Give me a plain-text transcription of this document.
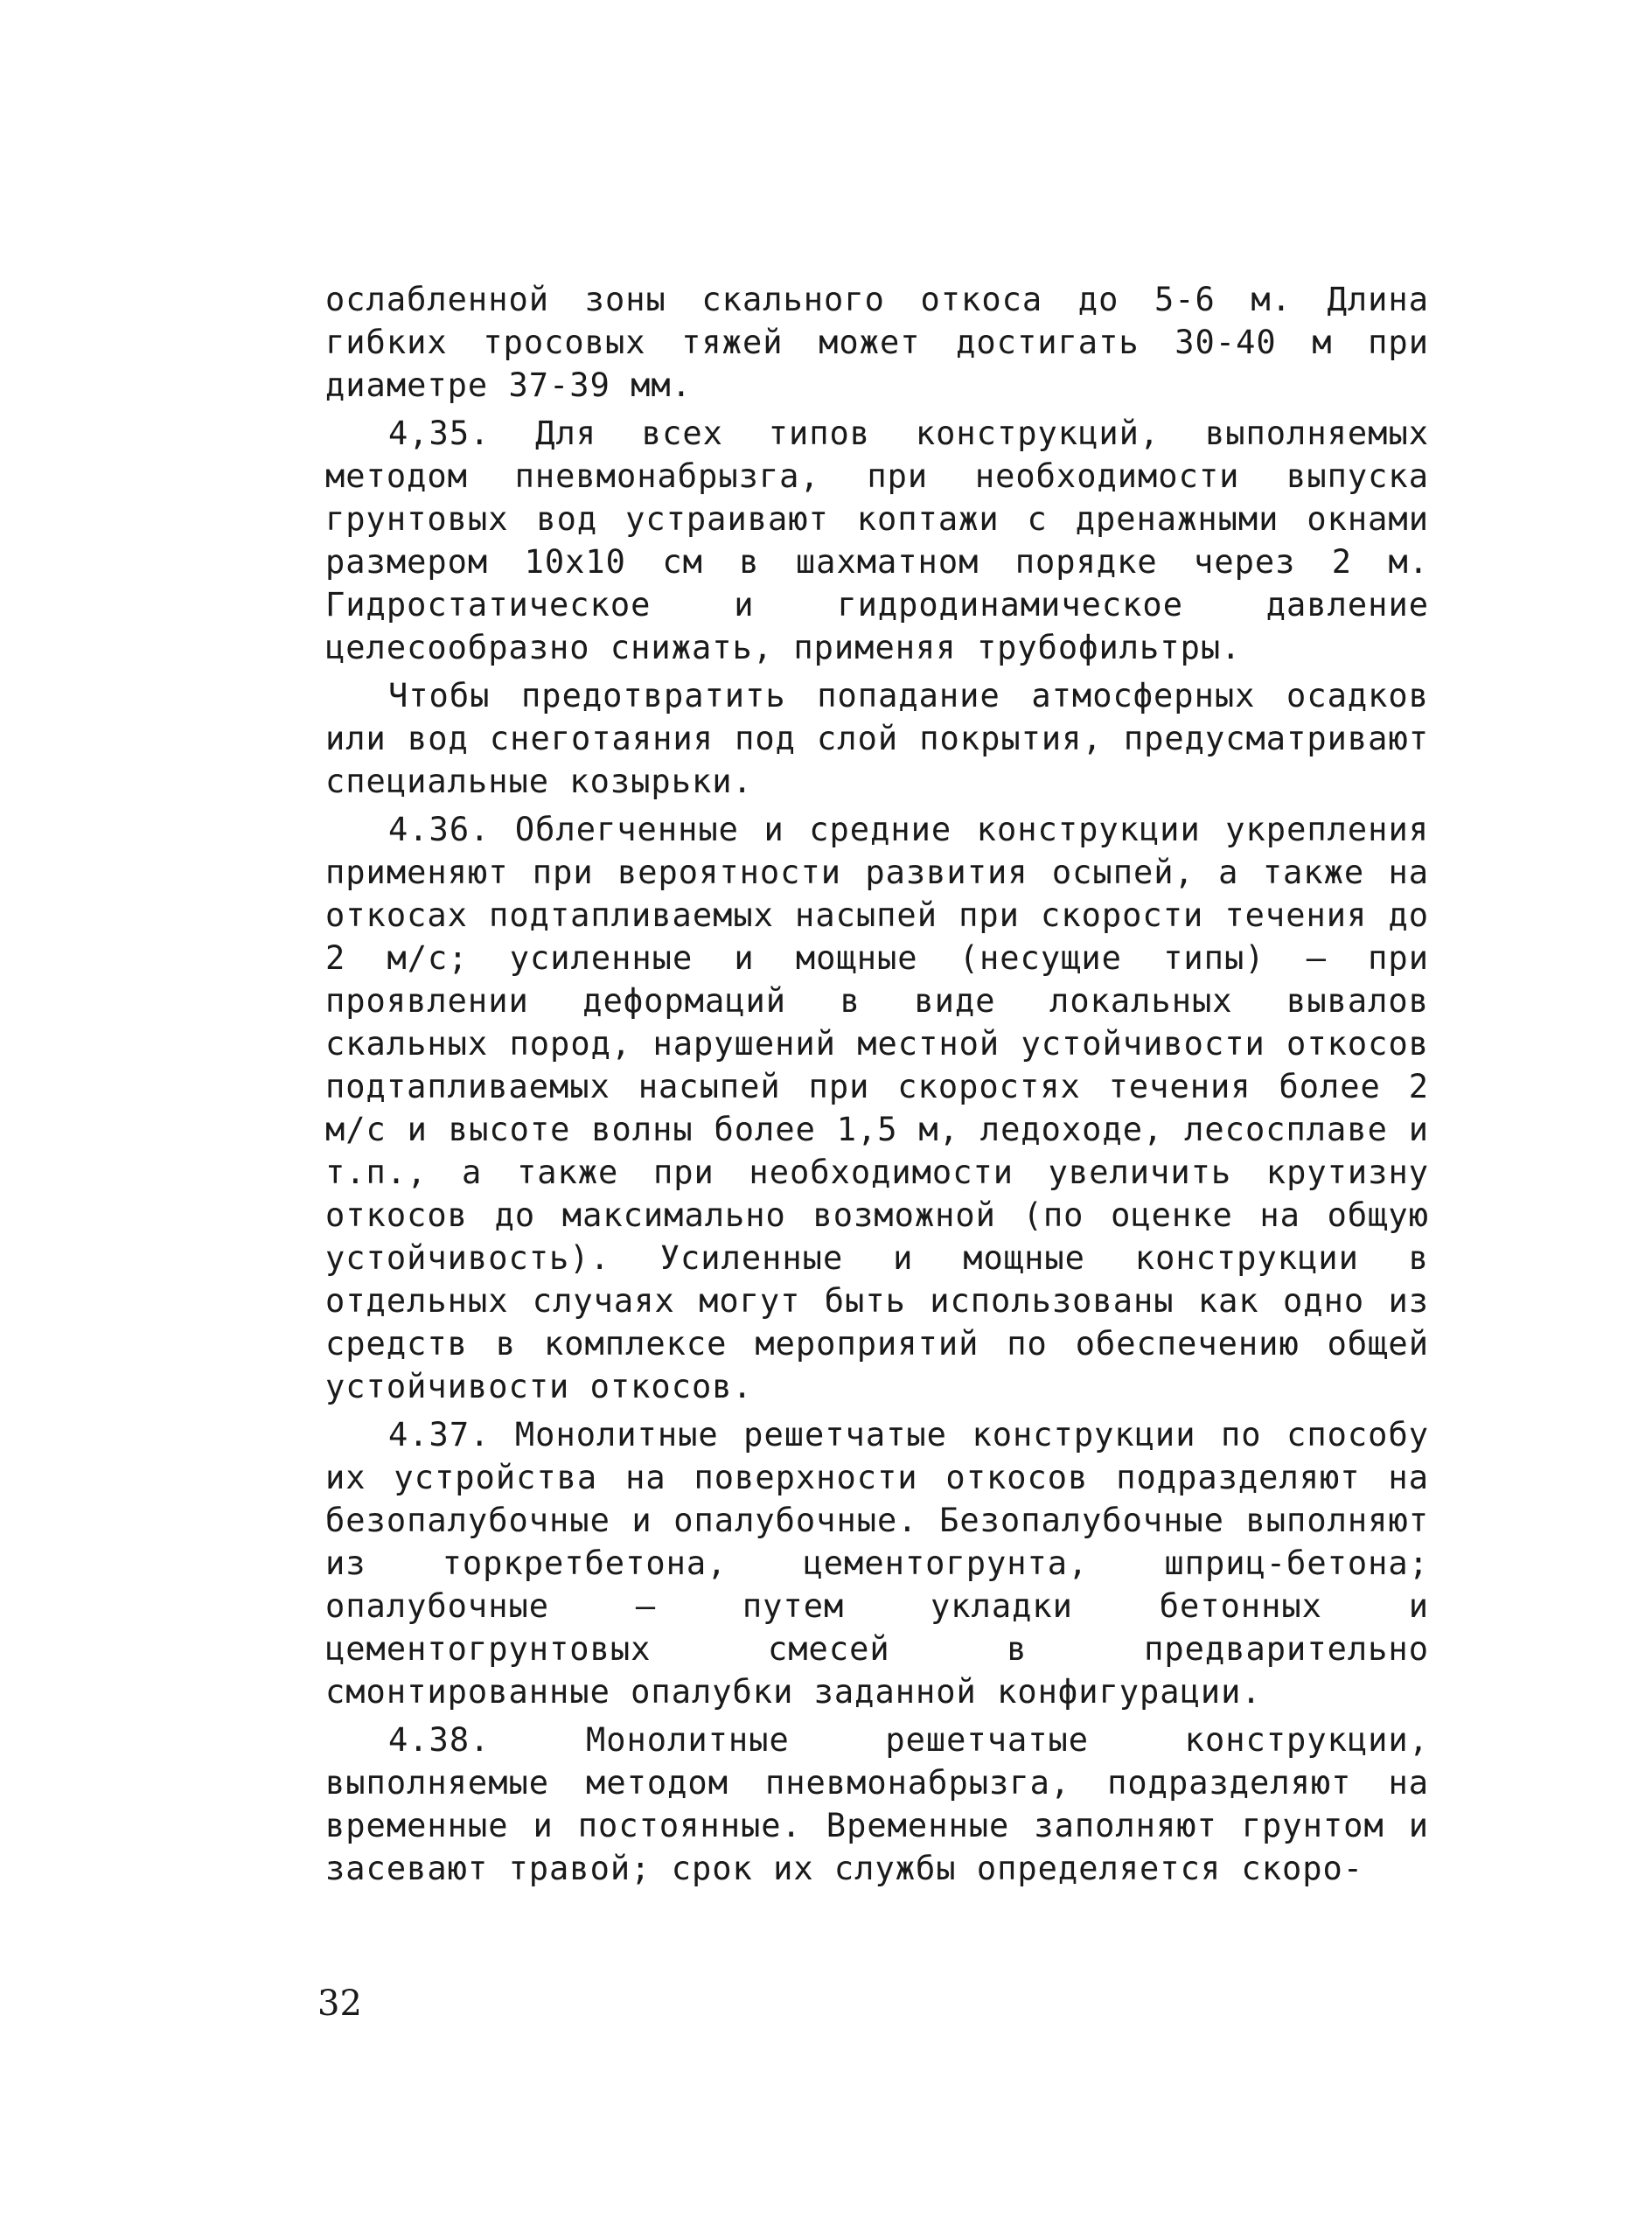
ослабленной зоны скального откоса до 5-6 м. Длина гибких тросовых тяжей может достигать 30-40 м при диаметре 37-39 мм.

4,35. Для всех типов конструкций, выполняемых методом пневмонабрызга, при необходимости выпуска грунтовых вод устраивают коптажи с дренажными окнами размером 10х10 см в шахматном порядке через 2 м. Гидростатическое и гидродинамическое давление целесообразно снижать, применяя трубофильтры.

Чтобы предотвратить попадание атмосферных осадков или вод снеготаяния под слой покрытия, предусматривают специальные козырьки.

4.36. Облегченные и средние конструкции укрепления применяют при вероятности развития осыпей, а также на откосах подтапливаемых насыпей при скорости течения до 2 м/с; усиленные и мощные (несущие типы) – при проявлении деформаций в виде локальных вывалов скальных пород, нарушений местной устойчивости откосов подтапливаемых насыпей при скоростях течения более 2 м/с и высоте волны более 1,5 м, ледоходе, лесосплаве и т.п., а также при необходимости увеличить крутизну откосов до максимально возможной (по оценке на общую устойчивость). Усиленные и мощные конструкции в отдельных случаях могут быть использованы как одно из средств в комплексе мероприятий по обеспечению общей устойчивости откосов.

4.37. Монолитные решетчатые конструкции по способу их устройства на поверхности откосов подразделяют на безопалубочные и опалубочные. Безопалубочные выполняют из торкретбетона, цементогрунта, шприц-бетона; опалубочные – путем укладки бетонных и цементогрунтовых смесей в предварительно смонтированные опалубки заданной конфигурации.

4.38. Монолитные решетчатые конструкции, выполняемые методом пневмонабрызга, подразделяют на временные и постоянные. Временные заполняют грунтом и засевают травой; срок их службы определяется скоро-

32
